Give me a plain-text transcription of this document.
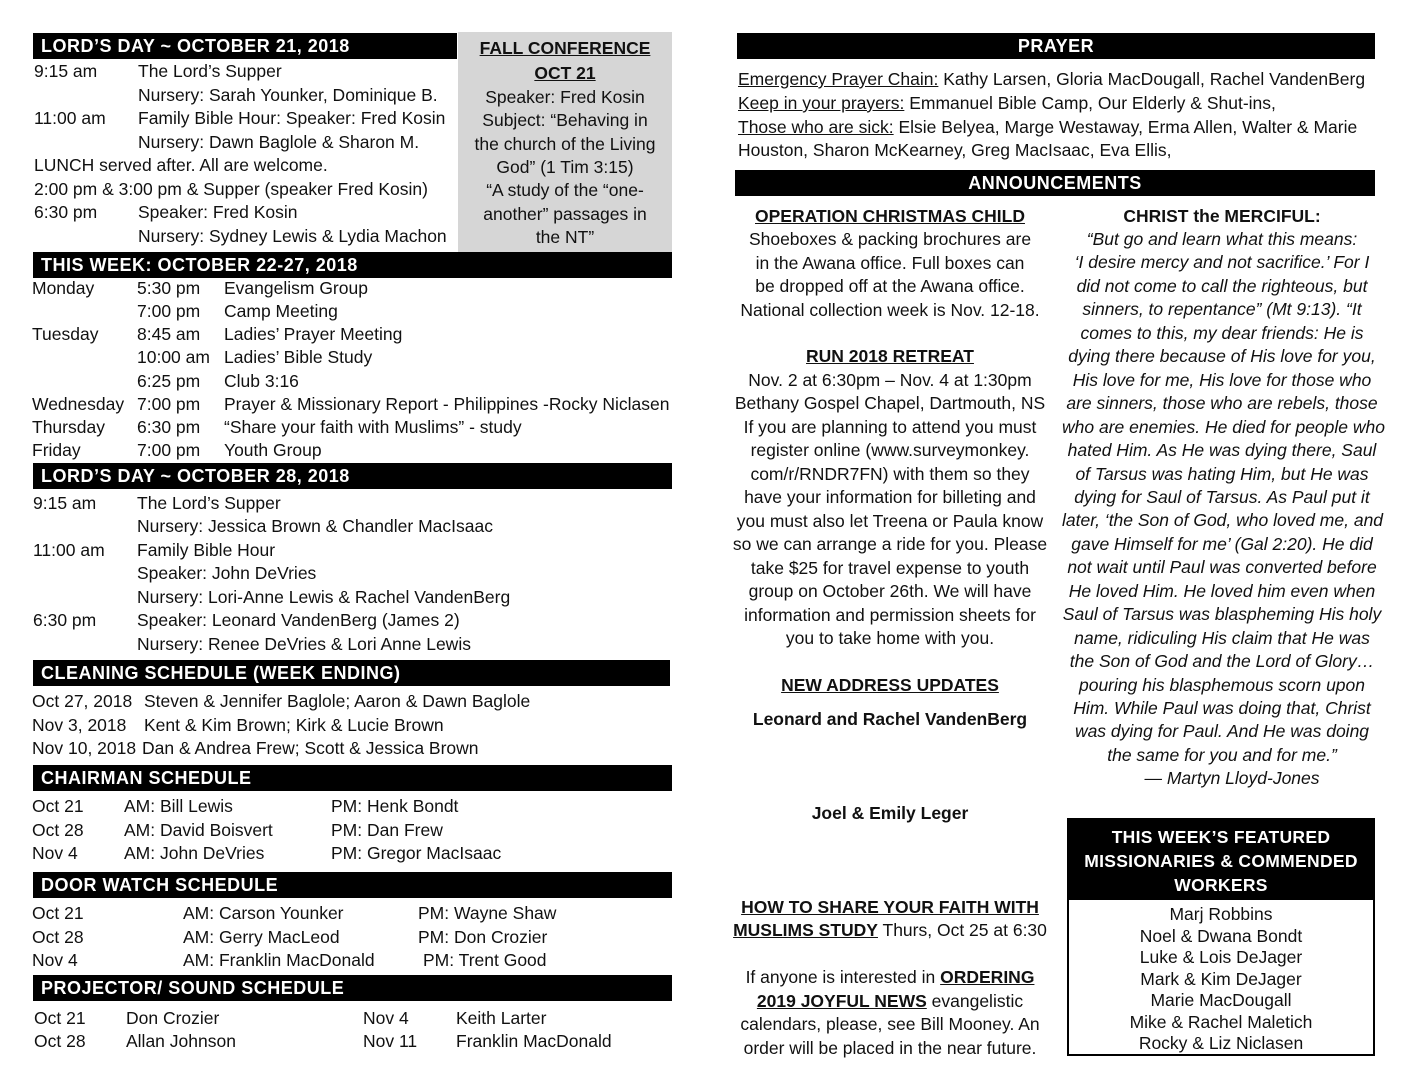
LORD’S DAY ~ OCTOBER 21, 2018
9:15 am The Lord’s Supper
Nursery: Sarah Younker, Dominique B.
11:00 am Family Bible Hour: Speaker: Fred Kosin
Nursery: Dawn Baglole & Sharon M.
LUNCH served after. All are welcome.
2:00 pm & 3:00 pm & Supper (speaker Fred Kosin)
6:30 pm Speaker: Fred Kosin
Nursery: Sydney Lewis & Lydia Machon
FALL CONFERENCE
OCT 21
Speaker: Fred Kosin
Subject: “Behaving in
the church of the Living
God” (1 Tim 3:15)
“A study of the “one-
another” passages in
the NT”
THIS WEEK: OCTOBER 22-27, 2018
Monday 5:30 pm Evangelism Group
7:00 pm Camp Meeting
Tuesday 8:45 am Ladies’ Prayer Meeting
10:00 am Ladies’ Bible Study
6:25 pm Club 3:16
Wednesday 7:00 pm Prayer & Missionary Report - Philippines -Rocky Niclasen
Thursday 6:30 pm “Share your faith with Muslims” - study
Friday	7:00 pm Youth Group
LORD’S DAY ~ OCTOBER 28, 2018
9:15 am The Lord’s Supper
Nursery: Jessica Brown & Chandler MacIsaac
11:00 am Family Bible Hour
Speaker: John DeVries
Nursery: Lori-Anne Lewis & Rachel VandenBerg
6:30 pm Speaker: Leonard VandenBerg (James 2)
Nursery: Renee DeVries & Lori Anne Lewis
CLEANING SCHEDULE (WEEK ENDING)
Oct 27, 2018 Steven & Jennifer Baglole; Aaron & Dawn Baglole
Nov 3, 2018 Kent & Kim Brown; Kirk & Lucie Brown
Nov 10, 2018 Dan & Andrea Frew; Scott & Jessica Brown
CHAIRMAN SCHEDULE
Oct 21 AM: Bill Lewis	PM: Henk Bondt
Oct 28 AM: David Boisvert	PM: Dan Frew
Nov 4	AM: John DeVries	PM: Gregor MacIsaac
DOOR WATCH SCHEDULE
Oct 21	AM: Carson Younker	PM: Wayne Shaw
Oct 28	AM: Gerry MacLeod	PM: Don Crozier
Nov 4	AM: Franklin MacDonald	PM: Trent Good
PROJECTOR/ SOUND SCHEDULE
Oct 21 Don Crozier	Nov 4	Keith Larter
Oct 28 Allan Johnson	Nov 11 Franklin MacDonald
PRAYER
Emergency Prayer Chain: Kathy Larsen, Gloria MacDougall, Rachel VandenBerg
Keep in your prayers: Emmanuel Bible Camp, Our Elderly & Shut-ins,
Those who are sick: Elsie Belyea, Marge Westaway, Erma Allen, Walter & Marie
Houston, Sharon McKearney, Greg MacIsaac, Eva Ellis,
ANNOUNCEMENTS
OPERATION CHRISTMAS CHILD
Shoeboxes & packing brochures are
in the Awana office. Full boxes can
be dropped off at the Awana office.
National collection week is Nov. 12-18.
RUN 2018 RETREAT
Nov. 2 at 6:30pm – Nov. 4 at 1:30pm
Bethany Gospel Chapel, Dartmouth, NS
If you are planning to attend you must
register online (www.surveymonkey.
com/r/RNDR7FN) with them so they
have your information for billeting and
you must also let Treena or Paula know
so we can arrange a ride for you. Please
take $25 for travel expense to youth
group on October 26th. We will have
information and permission sheets for
you to take home with you.
NEW ADDRESS UPDATES
Leonard and Rachel VandenBerg
Joel & Emily Leger
HOW TO SHARE YOUR FAITH WITH
MUSLIMS STUDY Thurs, Oct 25 at 6:30
If anyone is interested in ORDERING
2019 JOYFUL NEWS evangelistic
calendars, please, see Bill Mooney. An
order will be placed in the near future.
CHRIST the MERCIFUL:
“But go and learn what this means:
‘I desire mercy and not sacrifice.’ For I
did not come to call the righteous, but
sinners, to repentance” (Mt 9:13). “It
comes to this, my dear friends: He is
dying there because of His love for you,
His love for me, His love for those who
are sinners, those who are rebels, those
who are enemies. He died for people who
hated Him. As He was dying there, Saul
of Tarsus was hating Him, but He was
dying for Saul of Tarsus. As Paul put it
later, ‘the Son of God, who loved me, and
gave Himself for me’ (Gal 2:20). He did
not wait until Paul was converted before
He loved Him. He loved him even when
Saul of Tarsus was blaspheming His holy
name, ridiculing His claim that He was
the Son of God and the Lord of Glory…
pouring his blasphemous scorn upon
Him. While Paul was doing that, Christ
was dying for Paul. And He was doing
the same for you and for me.”
— Martyn Lloyd-Jones
THIS WEEK’S FEATURED
MISSIONARIES & COMMENDED
WORKERS
Marj Robbins
Noel & Dwana Bondt
Luke & Lois DeJager
Mark & Kim DeJager
Marie MacDougall
Mike & Rachel Maletich
Rocky & Liz Niclasen
